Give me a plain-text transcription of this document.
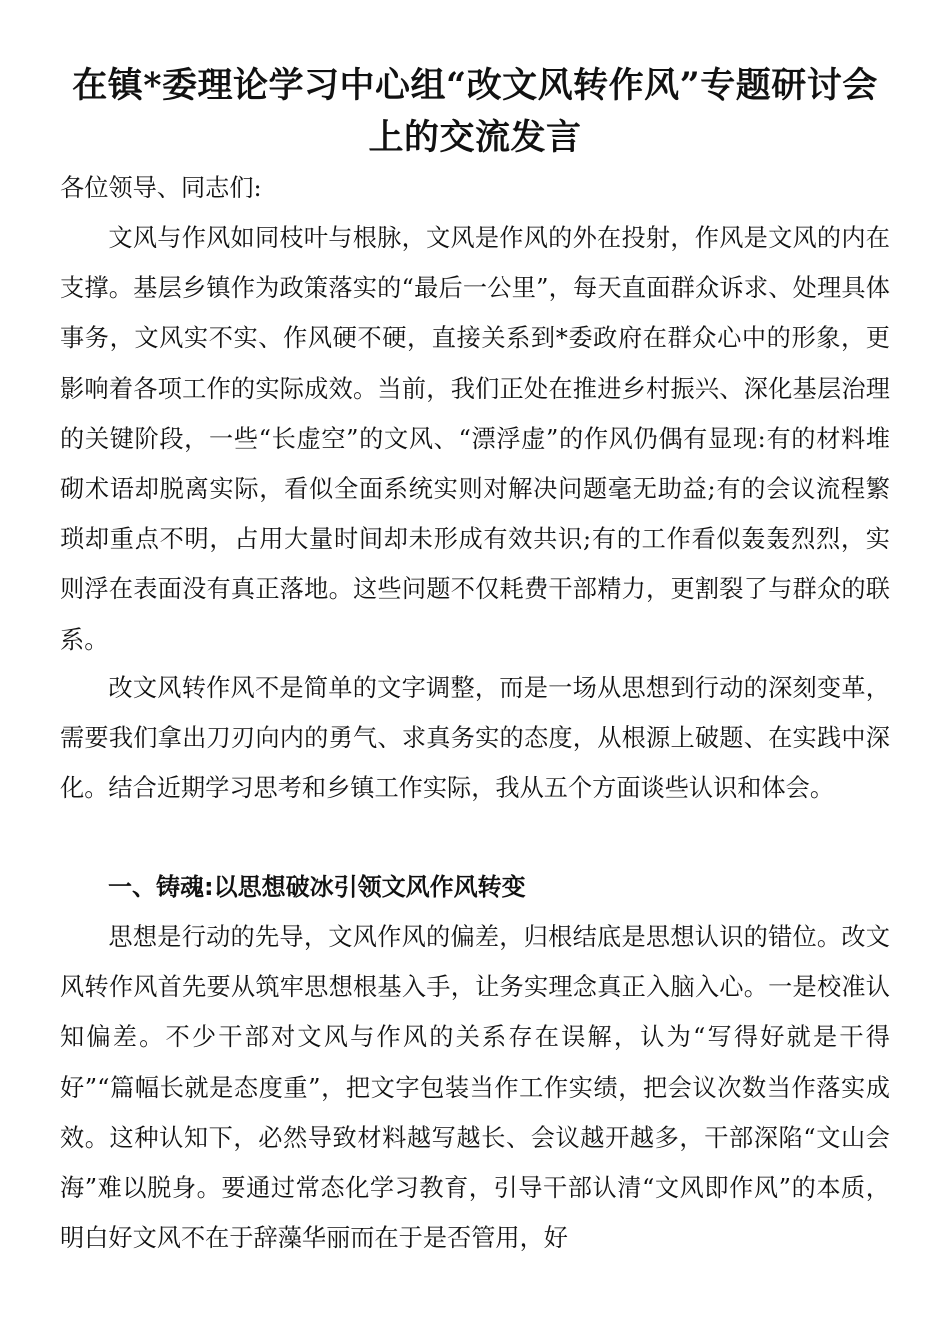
在镇*委理论学习中心组“改文风转作风”专题研讨会
上的交流发言

各位领导、同志们:

文风与作风如同枝叶与根脉，文风是作风的外在投射，作风是文风的内在支撑。基层乡镇作为政策落实的“最后一公里”，每天直面群众诉求、处理具体事务，文风实不实、作风硬不硬，直接关系到*委政府在群众心中的形象，更影响着各项工作的实际成效。当前，我们正处在推进乡村振兴、深化基层治理的关键阶段，一些“长虚空”的文风、“漂浮虚”的作风仍偶有显现:有的材料堆砌术语却脱离实际，看似全面系统实则对解决问题毫无助益;有的会议流程繁琐却重点不明，占用大量时间却未形成有效共识;有的工作看似轰轰烈烈，实则浮在表面没有真正落地。这些问题不仅耗费干部精力，更割裂了与群众的联系。

改文风转作风不是简单的文字调整，而是一场从思想到行动的深刻变革，需要我们拿出刀刃向内的勇气、求真务实的态度，从根源上破题、在实践中深化。结合近期学习思考和乡镇工作实际，我从五个方面谈些认识和体会。

一、铸魂:以思想破冰引领文风作风转变

思想是行动的先导，文风作风的偏差，归根结底是思想认识的错位。改文风转作风首先要从筑牢思想根基入手，让务实理念真正入脑入心。一是校准认知偏差。不少干部对文风与作风的关系存在误解，认为“写得好就是干得好”“篇幅长就是态度重”，把文字包装当作工作实绩，把会议次数当作落实成效。这种认知下，必然导致材料越写越长、会议越开越多，干部深陷“文山会海”难以脱身。要通过常态化学习教育，引导干部认清“文风即作风”的本质，明白好文风不在于辞藻华丽而在于是否管用，好
